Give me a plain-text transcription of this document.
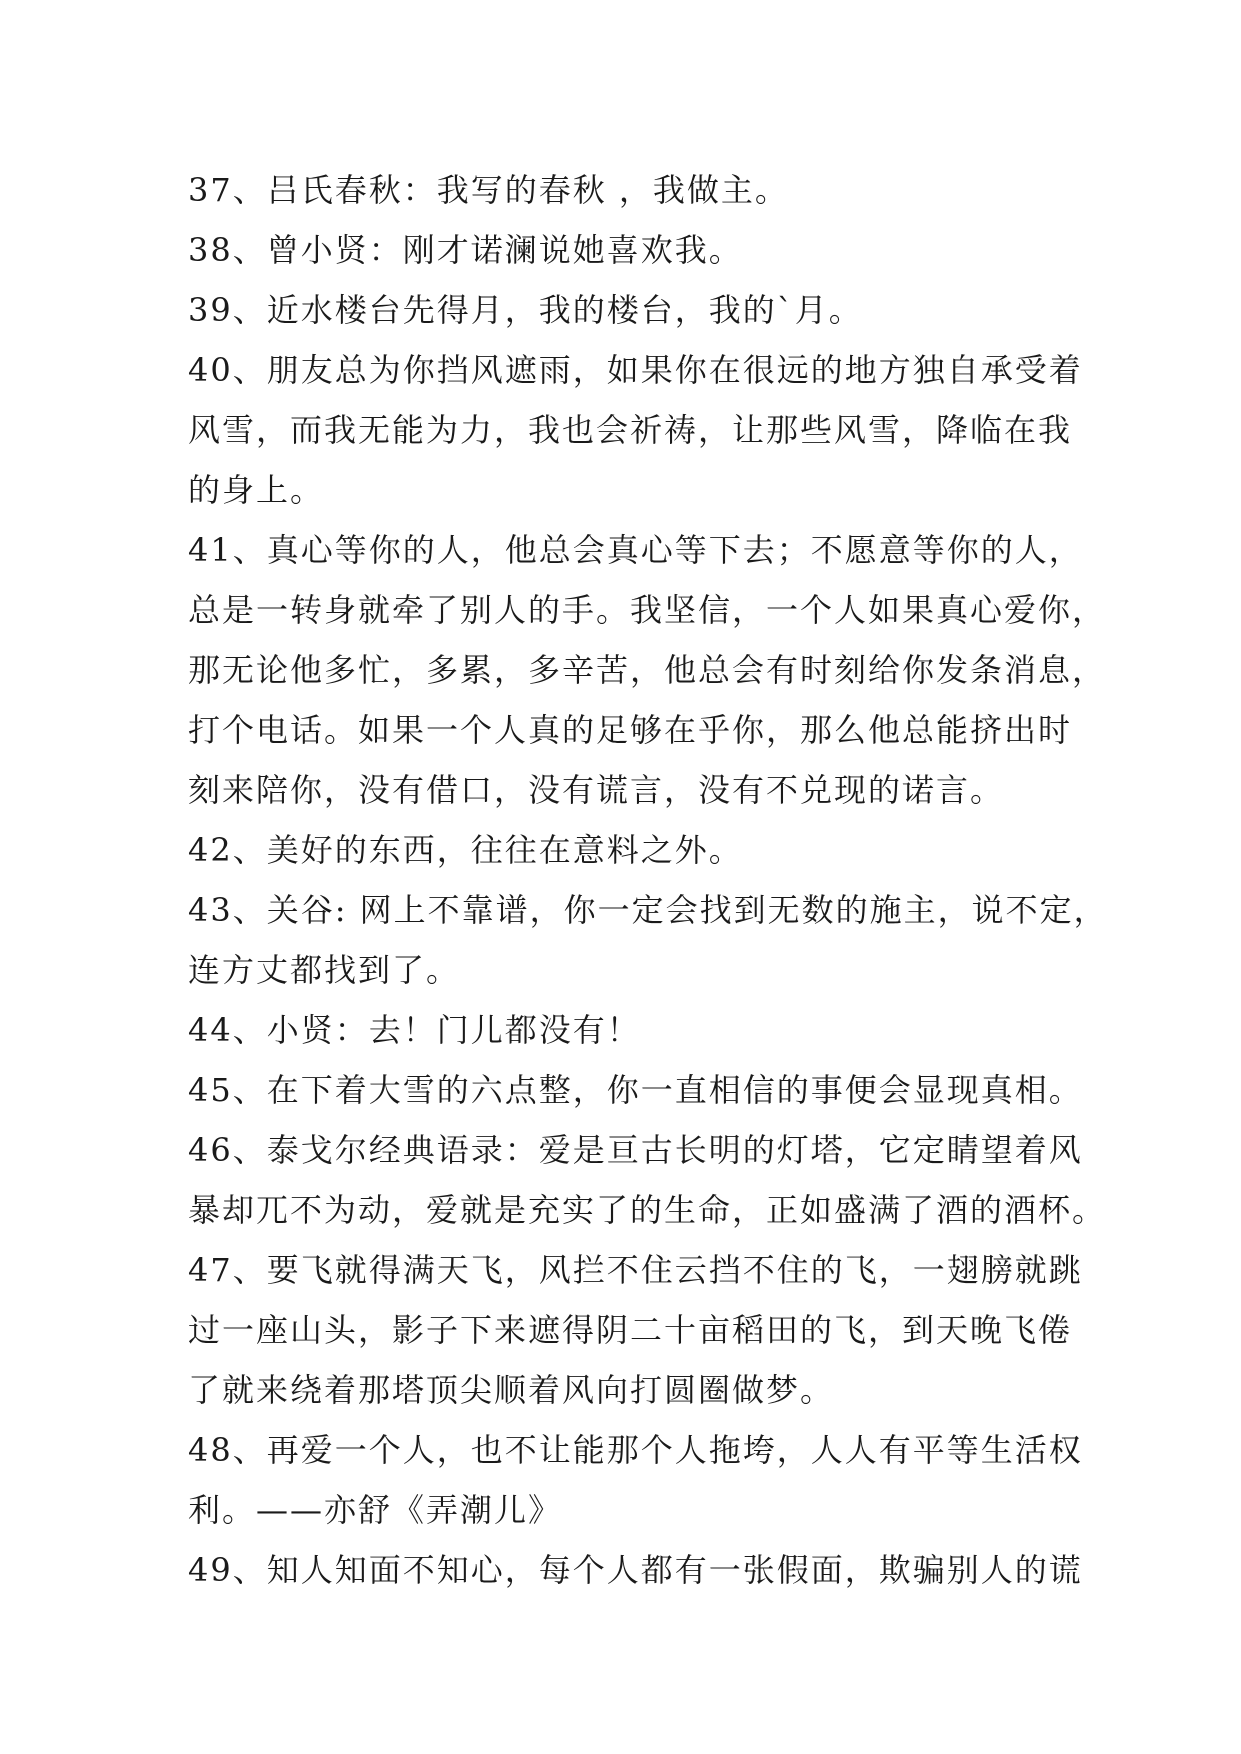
37、吕氏春秋：我写的春秋 ，我做主。
38、曾小贤：刚才诺澜说她喜欢我。
39、近水楼台先得月，我的楼台，我的`月。
40、朋友总为你挡风遮雨，如果你在很远的地方独自承受着
风雪，而我无能为力，我也会祈祷，让那些风雪，降临在我
的身上。
41、真心等你的人，他总会真心等下去；不愿意等你的人，
总是一转身就牵了别人的手。我坚信，一个人如果真心爱你，
那无论他多忙，多累，多辛苦，他总会有时刻给你发条消息，
打个电话。如果一个人真的足够在乎你，那么他总能挤出时
刻来陪你，没有借口，没有谎言，没有不兑现的诺言。
42、美好的东西，往往在意料之外。
43、关谷: 网上不靠谱，你一定会找到无数的施主，说不定，
连方丈都找到了。
44、小贤：去！门儿都没有！
45、在下着大雪的六点整，你一直相信的事便会显现真相。
46、泰戈尔经典语录：爱是亘古长明的灯塔，它定睛望着风
暴却兀不为动，爱就是充实了的生命，正如盛满了酒的酒杯。
47、要飞就得满天飞，风拦不住云挡不住的飞，一翅膀就跳
过一座山头，影子下来遮得阴二十亩稻田的飞，到天晚飞倦
了就来绕着那塔顶尖顺着风向打圆圈做梦。
48、再爱一个人，也不让能那个人拖垮，人人有平等生活权
利。——亦舒《弄潮儿》
49、知人知面不知心，每个人都有一张假面，欺骗别人的谎
